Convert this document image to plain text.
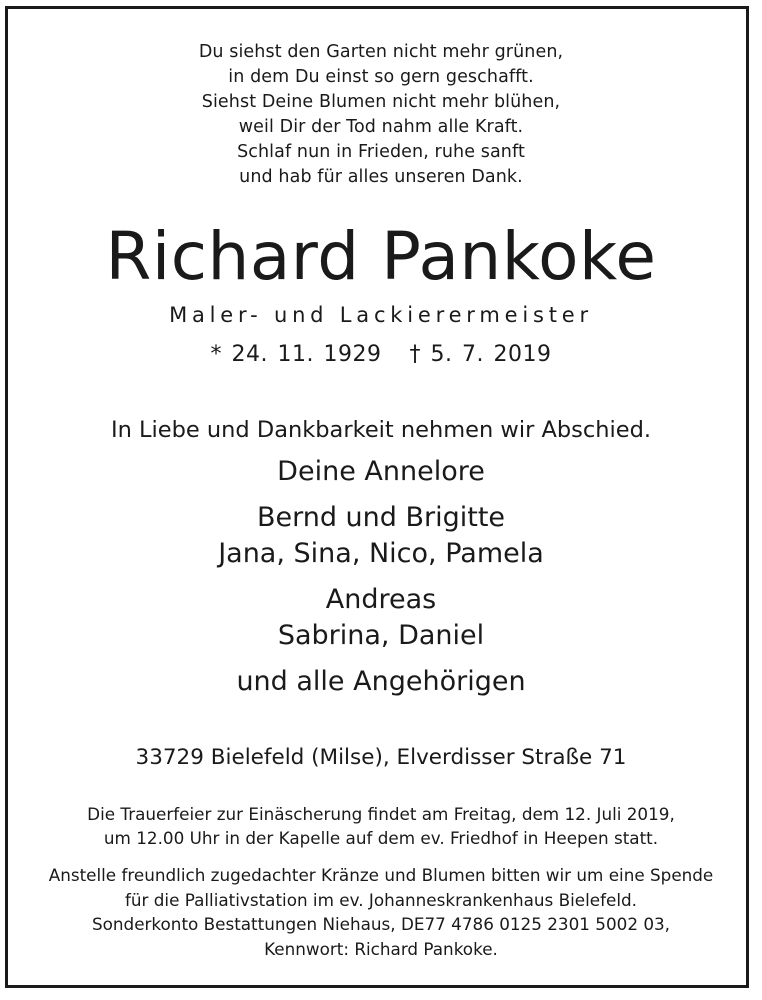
Du siehst den Garten nicht mehr grünen,
in dem Du einst so gern geschafft.
Siehst Deine Blumen nicht mehr blühen,
weil Dir der Tod nahm alle Kraft.
Schlaf nun in Frieden, ruhe sanft
und hab für alles unseren Dank.
Richard Pankoke
Maler- und Lackierermeister
* 24. 11. 1929 † 5. 7. 2019
In Liebe und Dankbarkeit nehmen wir Abschied.
Deine Annelore
Bernd und Brigitte
Jana, Sina, Nico, Pamela
Andreas
Sabrina, Daniel
und alle Angehörigen
33729 Bielefeld (Milse), Elverdisser Straße 71
Die Trauerfeier zur Einäscherung findet am Freitag, dem 12. Juli 2019,
um 12.00 Uhr in der Kapelle auf dem ev. Friedhof in Heepen statt.
Anstelle freundlich zugedachter Kränze und Blumen bitten wir um eine Spende
für die Palliativstation im ev. Johanneskrankenhaus Bielefeld.
Sonderkonto Bestattungen Niehaus, DE77 4786 0125 2301 5002 03,
Kennwort: Richard Pankoke.
